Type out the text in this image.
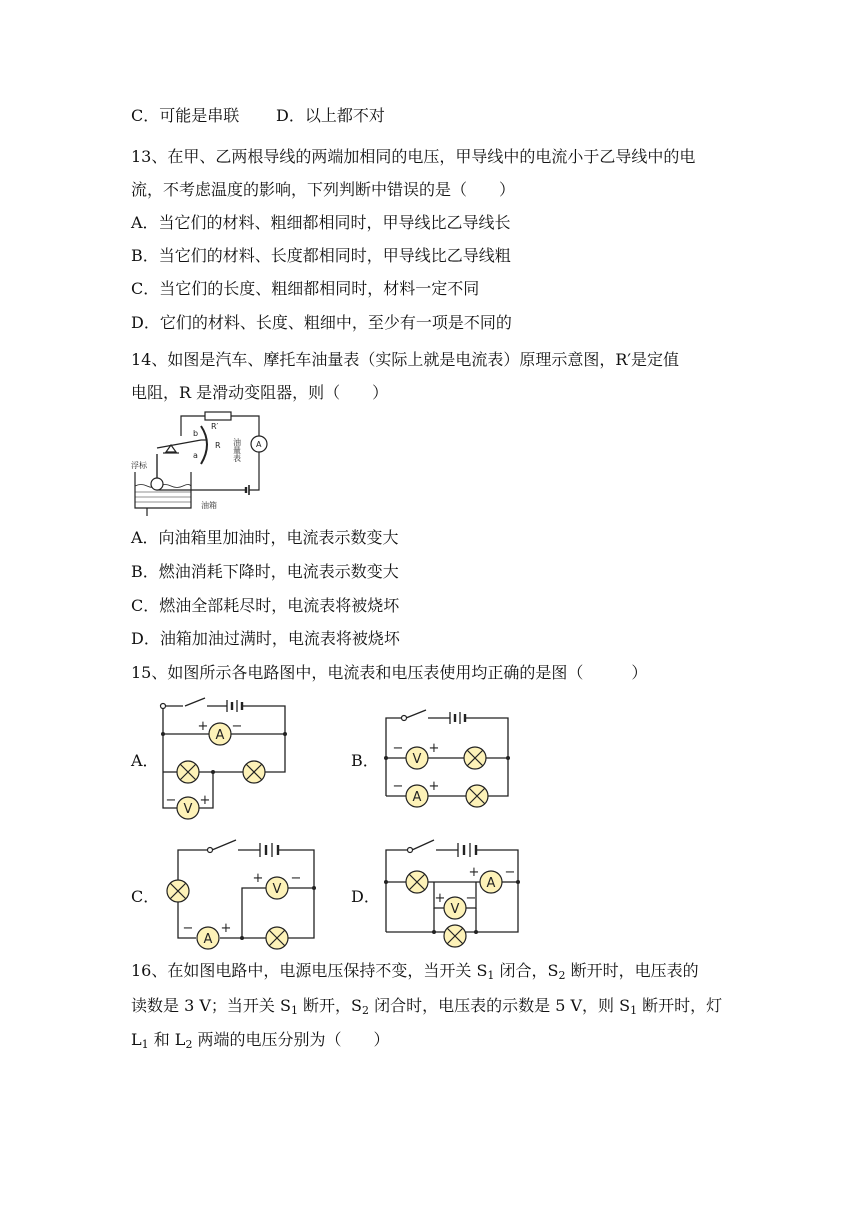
C．可能是串联 D．以上都不对
13、在甲、乙两根导线的两端加相同的电压，甲导线中的电流小于乙导线中的电
流，不考虑温度的影响，下列判断中错误的是（　　）
A．当它们的材料、粗细都相同时，甲导线比乙导线长
B．当它们的材料、长度都相同时，甲导线比乙导线粗
C．当它们的长度、粗细都相同时，材料一定不同
D．它们的材料、长度、粗细中，至少有一项是不同的
14、如图是汽车、摩托车油量表（实际上就是电流表）原理示意图，R′是定值
电阻，R 是滑动变阻器，则（　　）
R′
R
b
a
浮标
油箱
A
油量表
A．向油箱里加油时，电流表示数变大
B．燃油消耗下降时，电流表示数变大
C．燃油全部耗尽时，电流表将被烧坏
D．油箱加油过满时，电流表将被烧坏
15、如图所示各电路图中，电流表和电压表使用均正确的是图（　　　）
A．	B．
C．	D．
A
V
+ −
− +
V
A
− +
− +
V
A
+ −
− +
A
V
+ −
+ −
16、在如图电路中，电源电压保持不变，当开关 $S_1$ 闭合，$S_2$ 断开时，电压表的
读数是 3 V；当开关 $S_1$ 断开，$S_2$ 闭合时，电压表的示数是 5 V，则 $S_1$ 断开时，灯
$L_1$ 和 $L_2$ 两端的电压分别为（　　）
